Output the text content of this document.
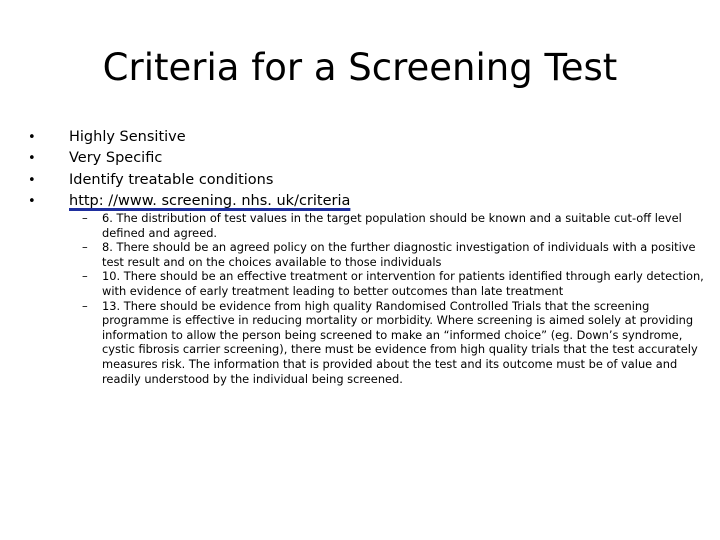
Criteria for a Screening Test
• Highly Sensitive
• Very Specific
• Identify treatable conditions
• http: //www. screening. nhs. uk/criteria
– 6. The distribution of test values in the target population should be known and a suitable cut-off level defined and agreed.
– 8. There should be an agreed policy on the further diagnostic investigation of individuals with a positive test result and on the choices available to those individuals
– 10. There should be an effective treatment or intervention for patients identified through early detection, with evidence of early treatment leading to better outcomes than late treatment
– 13. There should be evidence from high quality Randomised Controlled Trials that the screening programme is effective in reducing mortality or morbidity. Where screening is aimed solely at providing information to allow the person being screened to make an “informed choice” (eg. Down’s syndrome, cystic fibrosis carrier screening), there must be evidence from high quality trials that the test accurately measures risk. The information that is provided about the test and its outcome must be of value and readily understood by the individual being screened.
